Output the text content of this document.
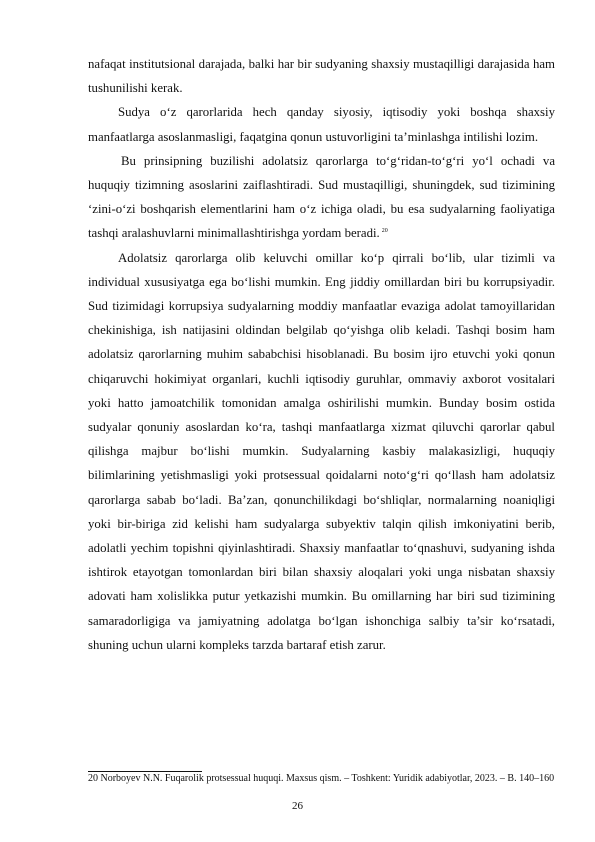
nafaqat institutsional darajada, balki har bir sudyaning shaxsiy mustaqilligi darajasida ham tushunilishi kerak.

Sudya o‘z qarorlarida hech qanday siyosiy, iqtisodiy yoki boshqa shaxsiy manfaatlarga asoslanmasligi, faqatgina qonun ustuvorligini ta’minlashga intilishi lozim.

Bu prinsipning buzilishi adolatsiz qarorlarga to‘g‘ridan-to‘g‘ri yo‘l ochadi va huquqiy tizimning asoslarini zaiflashtiradi. Sud mustaqilligi, shuningdek, sud tizimining ‘zini-o‘zi boshqarish elementlarini ham o‘z ichiga oladi, bu esa sudyalarning faoliyatiga tashqi aralashuvlarni minimallashtirishga yordam beradi. $^{20}$

Adolatsiz qarorlarga olib keluvchi omillar ko‘p qirrali bo‘lib, ular tizimli va individual xususiyatga ega bo‘lishi mumkin. Eng jiddiy omillardan biri bu korrupsiyadir. Sud tizimidagi korrupsiya sudyalarning moddiy manfaatlar evaziga adolat tamoyillaridan chekinishiga, ish natijasini oldindan belgilab qo‘yishga olib keladi. Tashqi bosim ham adolatsiz qarorlarning muhim sababchisi hisoblanadi. Bu bosim ijro etuvchi yoki qonun chiqaruvchi hokimiyat organlari, kuchli iqtisodiy guruhlar, ommaviy axborot vositalari yoki hatto jamoatchilik tomonidan amalga oshirilishi mumkin. Bunday bosim ostida sudyalar qonuniy asoslardan ko‘ra, tashqi manfaatlarga xizmat qiluvchi qarorlar qabul qilishga majbur bo‘lishi mumkin. Sudyalarning kasbiy malakasizligi, huquqiy bilimlarining yetishmasligi yoki protsessual qoidalarni noto‘g‘ri qo‘llash ham adolatsiz qarorlarga sabab bo‘ladi. Ba’zan, qonunchilikdagi bo‘shliqlar, normalarning noaniqligi yoki bir-biriga zid kelishi ham sudyalarga subyektiv talqin qilish imkoniyatini berib, adolatli yechim topishni qiyinlashtiradi. Shaxsiy manfaatlar to‘qnashuvi, sudyaning ishda ishtirok etayotgan tomonlardan biri bilan shaxsiy aloqalari yoki unga nisbatan shaxsiy adovati ham xolislikka putur yetkazishi mumkin. Bu omillarning har biri sud tizimining samaradorligiga va jamiyatning adolatga bo‘lgan ishonchiga salbiy ta’sir ko‘rsatadi, shuning uchun ularni kompleks tarzda bartaraf etish zarur.

20 Norboyev N.N. Fuqarolik protsessual huquqi. Maxsus qism. – Toshkent: Yuridik adabiyotlar, 2023. – B. 140–160

26
